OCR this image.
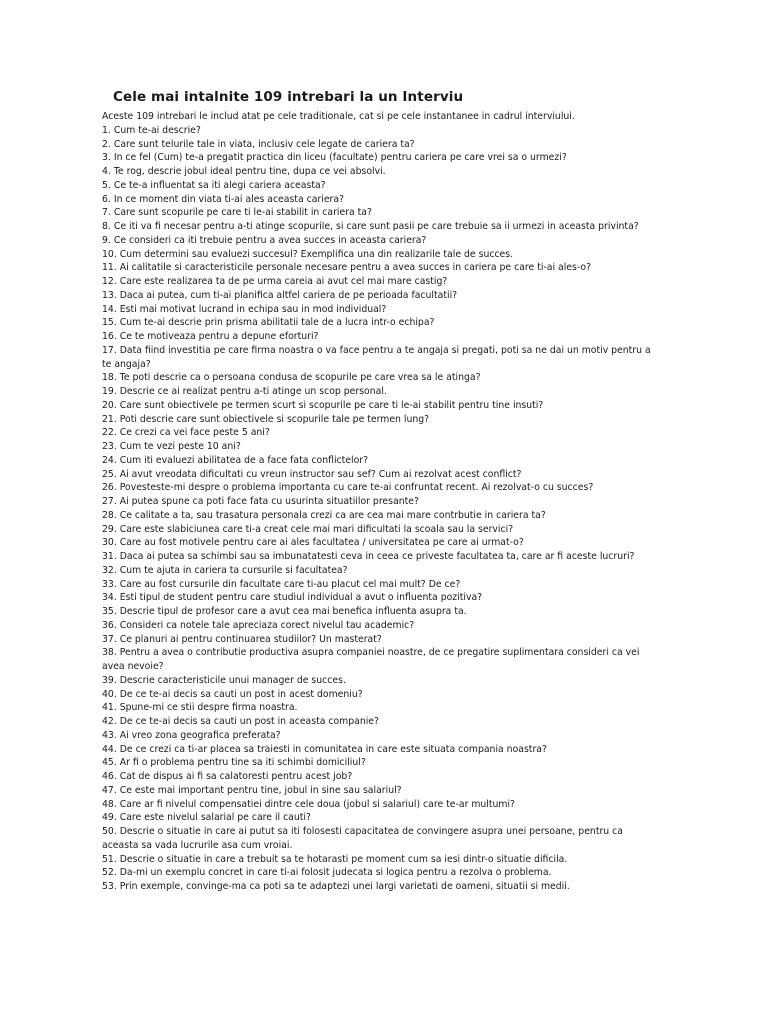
Cele mai intalnite 109 intrebari la un Interviu
Aceste 109 intrebari le includ atat pe cele traditionale, cat si pe cele instantanee in cadrul interviului.
1. Cum te-ai descrie?
2. Care sunt telurile tale in viata, inclusiv cele legate de cariera ta?
3. In ce fel (Cum) te-a pregatit practica din liceu (facultate) pentru cariera pe care vrei sa o urmezi?
4. Te rog, descrie jobul ideal pentru tine, dupa ce vei absolvi.
5. Ce te-a influentat sa iti alegi cariera aceasta?
6. In ce moment din viata ti-ai ales aceasta cariera?
7. Care sunt scopurile pe care ti le-ai stabilit in cariera ta?
8. Ce iti va fi necesar pentru a-ti atinge scopurile, si care sunt pasii pe care trebuie sa ii urmezi in aceasta privinta?
9. Ce consideri ca iti trebuie pentru a avea succes in aceasta cariera?
10. Cum determini sau evaluezi succesul? Exemplifica una din realizarile tale de succes.
11. Ai calitatile si caracteristicile personale necesare pentru a avea succes in cariera pe care ti-ai ales-o?
12. Care este realizarea ta de pe urma careia ai avut cel mai mare castig?
13. Daca ai putea, cum ti-ai planifica altfel cariera de pe perioada facultatii?
14. Esti mai motivat lucrand in echipa sau in mod individual?
15. Cum te-ai descrie prin prisma abilitatii tale de a lucra intr-o echipa?
16. Ce te motiveaza pentru a depune eforturi?
17. Data fiind investitia pe care firma noastra o va face pentru a te angaja si pregati, poti sa ne dai un motiv pentru a te angaja?
18. Te poti descrie ca o persoana condusa de scopurile pe care vrea sa le atinga?
19. Descrie ce ai realizat pentru a-ti atinge un scop personal.
20. Care sunt obiectivele pe termen scurt si scopurile pe care ti le-ai stabilit pentru tine insuti?
21. Poti descrie care sunt obiectivele si scopurile tale pe termen lung?
22. Ce crezi ca vei face peste 5 ani?
23. Cum te vezi peste 10 ani?
24. Cum iti evaluezi abilitatea de a face fata conflictelor?
25. Ai avut vreodata dificultati cu vreun instructor sau sef? Cum ai rezolvat acest conflict?
26. Povesteste-mi despre o problema importanta cu care te-ai confruntat recent. Ai rezolvat-o cu succes?
27. Ai putea spune ca poti face fata cu usurinta situatiilor presante?
28. Ce calitate a ta, sau trasatura personala crezi ca are cea mai mare contrbutie in cariera ta?
29. Care este slabiciunea care ti-a creat cele mai mari dificultati la scoala sau la servici?
30. Care au fost motivele pentru care ai ales facultatea / universitatea pe care ai urmat-o?
31. Daca ai putea sa schimbi sau sa imbunatatesti ceva in ceea ce priveste facultatea ta, care ar fi aceste lucruri?
32. Cum te ajuta in cariera ta cursurile si facultatea?
33. Care au fost cursurile din facultate care ti-au placut cel mai mult? De ce?
34. Esti tipul de student pentru care studiul individual a avut o influenta pozitiva?
35. Descrie tipul de profesor care a avut cea mai benefica influenta asupra ta.
36. Consideri ca notele tale apreciaza corect nivelul tau academic?
37. Ce planuri ai pentru continuarea studiilor? Un masterat?
38. Pentru a avea o contributie productiva asupra companiei noastre, de ce pregatire suplimentara consideri ca vei avea nevoie?
39. Descrie caracteristicile unui manager de succes.
40. De ce te-ai decis sa cauti un post in acest domeniu?
41. Spune-mi ce stii despre firma noastra.
42. De ce te-ai decis sa cauti un post in aceasta companie?
43. Ai vreo zona geografica preferata?
44. De ce crezi ca ti-ar placea sa traiesti in comunitatea in care este situata compania noastra?
45. Ar fi o problema pentru tine sa iti schimbi domiciliul?
46. Cat de dispus ai fi sa calatoresti pentru acest job?
47. Ce este mai important pentru tine, jobul in sine sau salariul?
48. Care ar fi nivelul compensatiei dintre cele doua (jobul si salariul) care te-ar multumi?
49. Care este nivelul salarial pe care il cauti?
50. Descrie o situatie in care ai putut sa iti folosesti capacitatea de convingere asupra unei persoane, pentru ca aceasta sa vada lucrurile asa cum vroiai.
51. Descrie o situatie in care a trebuit sa te hotarasti pe moment cum sa iesi dintr-o situatie dificila.
52. Da-mi un exemplu concret in care ti-ai folosit judecata si logica pentru a rezolva o problema.
53. Prin exemple, convinge-ma ca poti sa te adaptezi unei largi varietati de oameni, situatii si medii.
